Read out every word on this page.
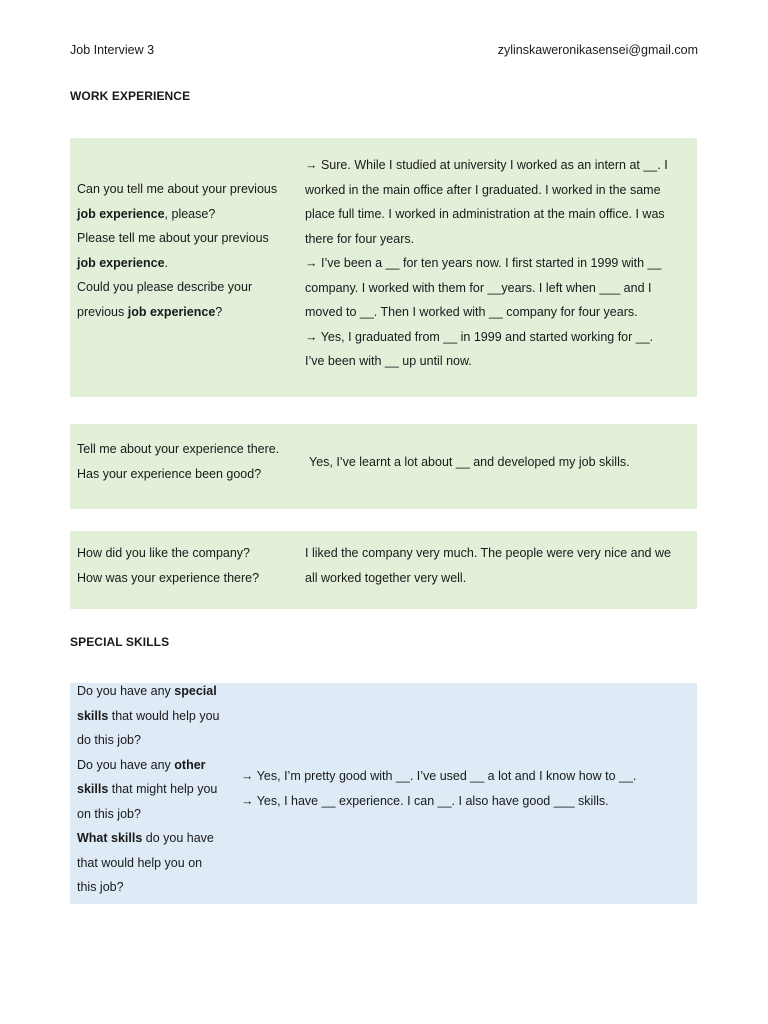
Job Interview 3	zylinskaweronikasensei@gmail.com
WORK EXPERIENCE
Can you tell me about your previous
job experience, please?
Please tell me about your previous
job experience.
Could you please describe your
previous job experience?
→ Sure. While I studied at university I worked as an intern at __. I
worked in the main office after I graduated. I worked in the same
place full time. I worked in administration at the main office. I was
there for four years.
→ I’ve been a __ for ten years now. I first started in 1999 with __
company. I worked with them for __years. I left when ___ and I
moved to __. Then I worked with __ company for four years.
→ Yes, I graduated from __ in 1999 and started working for __.
I’ve been with __ up until now.
Tell me about your experience there.
Has your experience been good?
Yes, I’ve learnt a lot about __ and developed my job skills.
How did you like the company?
How was your experience there?
I liked the company very much. The people were very nice and we
all worked together very well.
SPECIAL SKILLS
Do you have any special
skills that would help you
do this job?
Do you have any other
skills that might help you
on this job?
What skills do you have
that would help you on
this job?
→ Yes, I’m pretty good with __. I’ve used __ a lot and I know how to __.
→ Yes, I have __ experience. I can __. I also have good ___ skills.
